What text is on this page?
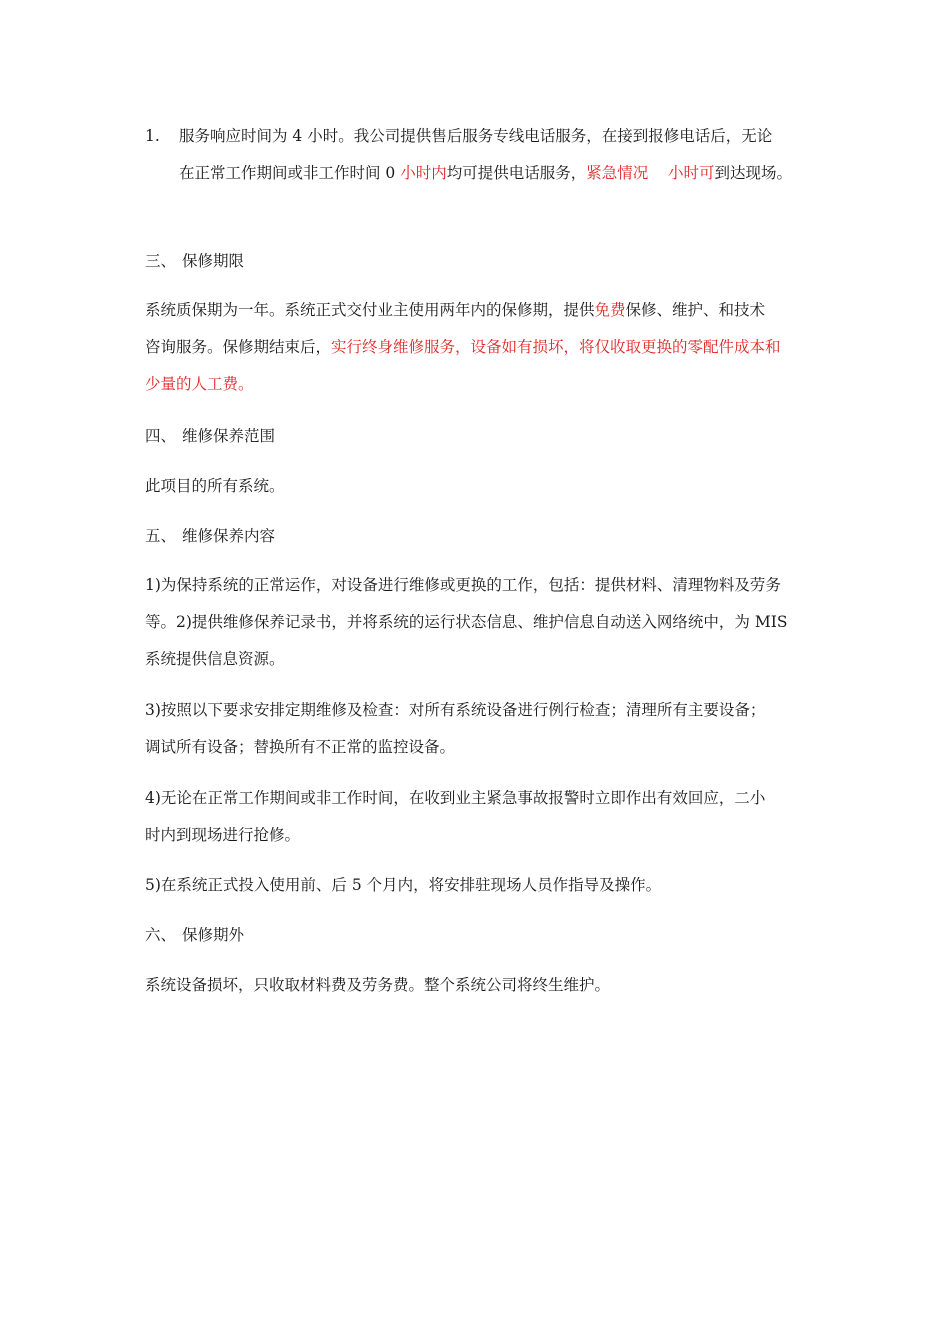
1.	服务响应时间为 4 小时。我公司提供售后服务专线电话服务，在接到报修电话后，无论
在正常工作期间或非工作时间 0 小时内均可提供电话服务，紧急情况    小时可到达现场。
三、 保修期限
系统质保期为一年。系统正式交付业主使用两年内的保修期，提供免费保修、维护、和技术
咨询服务。保修期结束后，实行终身维修服务，设备如有损坏，将仅收取更换的零配件成本和
少量的人工费。
四、 维修保养范围
此项目的所有系统。
五、 维修保养内容
1)为保持系统的正常运作，对设备进行维修或更换的工作，包括：提供材料、清理物料及劳务
等。2)提供维修保养记录书，并将系统的运行状态信息、维护信息自动送入网络统中，为 MIS
系统提供信息资源。
3)按照以下要求安排定期维修及检查：对所有系统设备进行例行检查；清理所有主要设备；
调试所有设备；替换所有不正常的监控设备。
4)无论在正常工作期间或非工作时间，在收到业主紧急事故报警时立即作出有效回应，二小
时内到现场进行抢修。
5)在系统正式投入使用前、后 5 个月内，将安排驻现场人员作指导及操作。
六、 保修期外
系统设备损坏，只收取材料费及劳务费。整个系统公司将终生维护。
